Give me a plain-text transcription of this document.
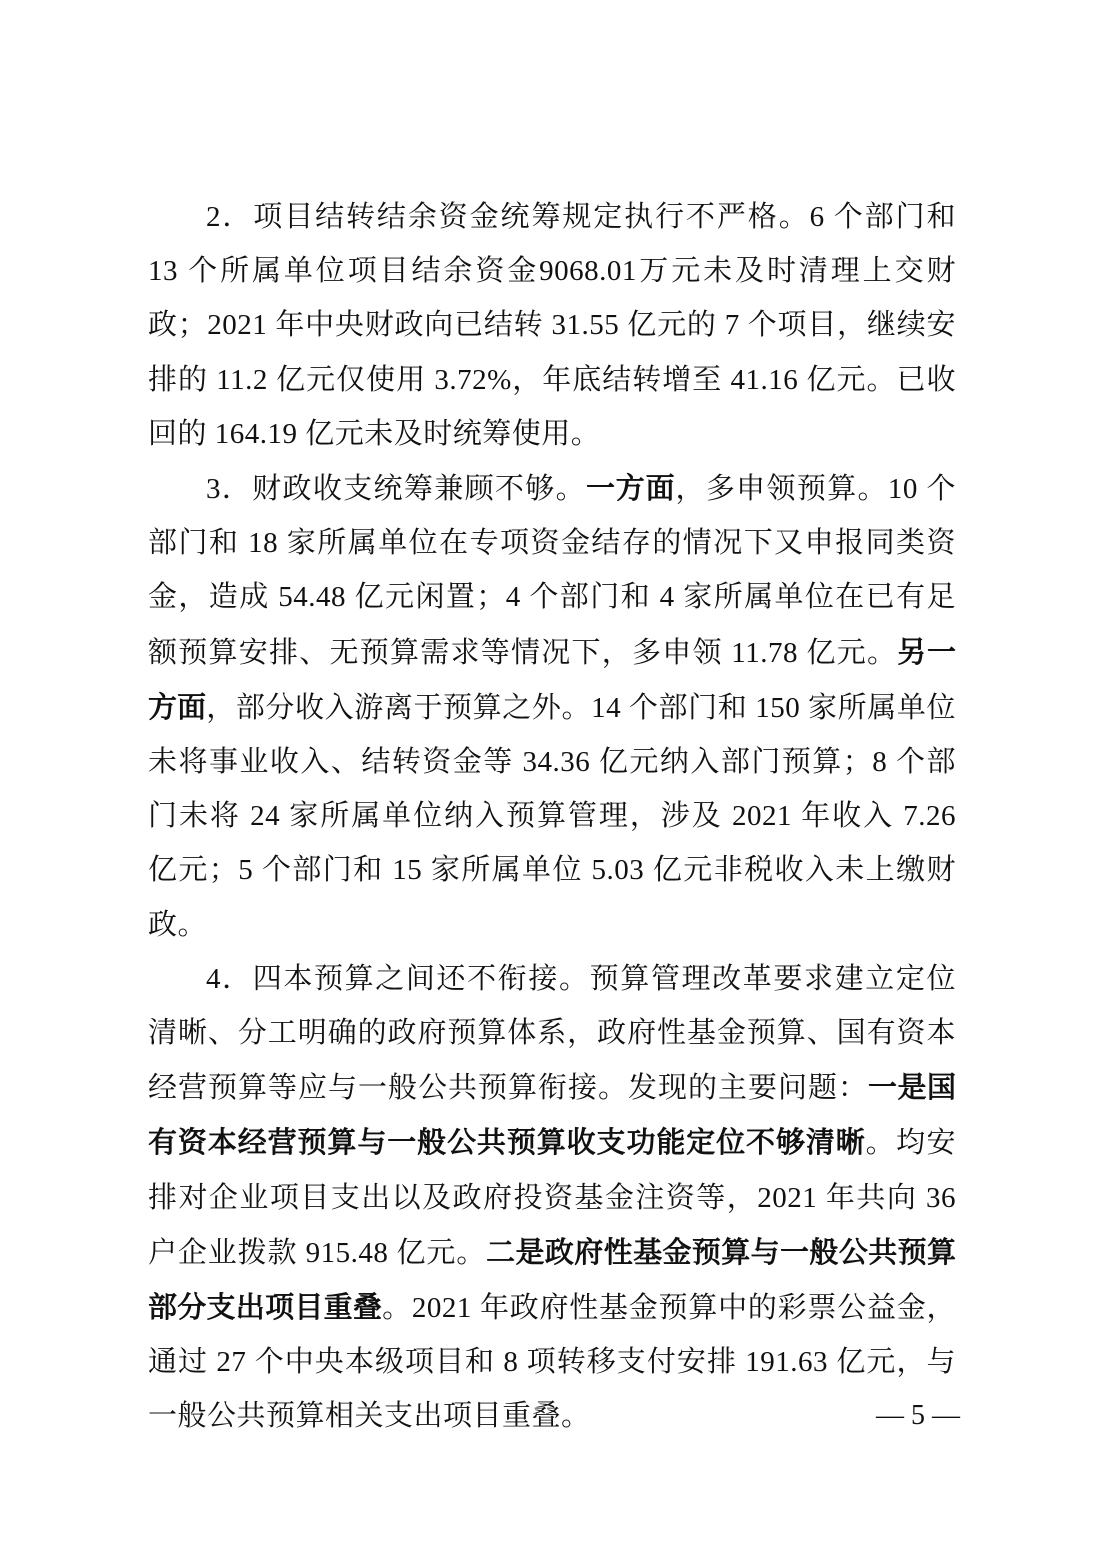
2．项目结转结余资金统筹规定执行不严格。6 个部门和 13 个所属单位项目结余资金9068.01万元未及时清理上交财政；2021 年中央财政向已结转 31.55 亿元的 7 个项目，继续安排的 11.2 亿元仅使用 3.72%，年底结转增至 41.16 亿元。已收回的 164.19 亿元未及时统筹使用。

3．财政收支统筹兼顾不够。一方面，多申领预算。10 个部门和 18 家所属单位在专项资金结存的情况下又申报同类资金，造成 54.48 亿元闲置；4 个部门和 4 家所属单位在已有足额预算安排、无预算需求等情况下，多申领 11.78 亿元。另一方面，部分收入游离于预算之外。14 个部门和 150 家所属单位未将事业收入、结转资金等 34.36 亿元纳入部门预算；8 个部门未将 24 家所属单位纳入预算管理，涉及 2021 年收入 7.26 亿元；5 个部门和 15 家所属单位 5.03 亿元非税收入未上缴财政。

4．四本预算之间还不衔接。预算管理改革要求建立定位清晰、分工明确的政府预算体系，政府性基金预算、国有资本经营预算等应与一般公共预算衔接。发现的主要问题：一是国有资本经营预算与一般公共预算收支功能定位不够清晰。均安排对企业项目支出以及政府投资基金注资等，2021 年共向 36 户企业拨款 915.48 亿元。二是政府性基金预算与一般公共预算部分支出项目重叠。2021 年政府性基金预算中的彩票公益金，通过 27 个中央本级项目和 8 项转移支付安排 191.63 亿元，与一般公共预算相关支出项目重叠。	— 5 —
